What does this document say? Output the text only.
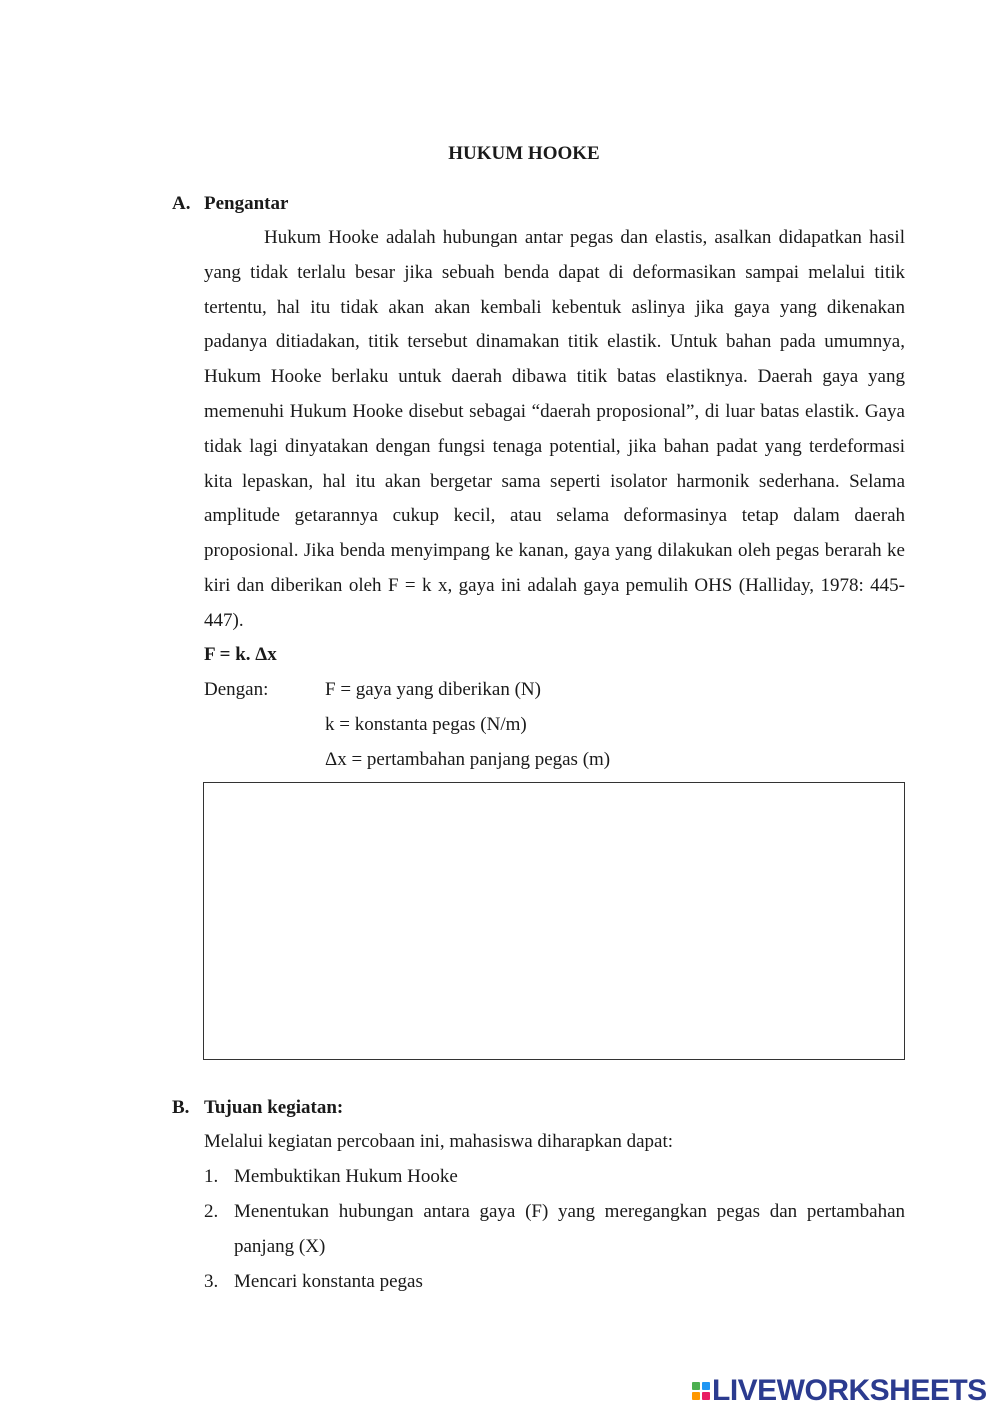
HUKUM HOOKE
A. Pengantar

Hukum Hooke adalah hubungan antar pegas dan elastis, asalkan didapatkan hasil yang tidak terlalu besar jika sebuah benda dapat di deformasikan sampai melalui titik tertentu, hal itu tidak akan akan kembali kebentuk aslinya jika gaya yang dikenakan padanya ditiadakan, titik tersebut dinamakan titik elastik. Untuk bahan pada umumnya, Hukum Hooke berlaku untuk daerah dibawa titik batas elastiknya. Daerah gaya yang memenuhi Hukum Hooke disebut sebagai “daerah proposional”, di luar batas elastik. Gaya tidak lagi dinyatakan dengan fungsi tenaga potential, jika bahan padat yang terdeformasi kita lepaskan, hal itu akan bergetar sama seperti isolator harmonik sederhana. Selama amplitude getarannya cukup kecil, atau selama deformasinya tetap dalam daerah proposional. Jika benda menyimpang ke kanan, gaya yang dilakukan oleh pegas berarah ke kiri dan diberikan oleh F = k x, gaya ini adalah gaya pemulih OHS (Halliday, 1978: 445-447).

F = k. Δx
Dengan:	F = gaya yang diberikan (N)
k = konstanta pegas (N/m)
Δx = pertambahan panjang pegas (m)
B. Tujuan kegiatan:
Melalui kegiatan percobaan ini, mahasiswa diharapkan dapat:
1. Membuktikan Hukum Hooke
2. Menentukan hubungan antara gaya (F) yang meregangkan pegas dan pertambahan panjang (X)
3. Mencari konstanta pegas
LIVEWORKSHEETS
